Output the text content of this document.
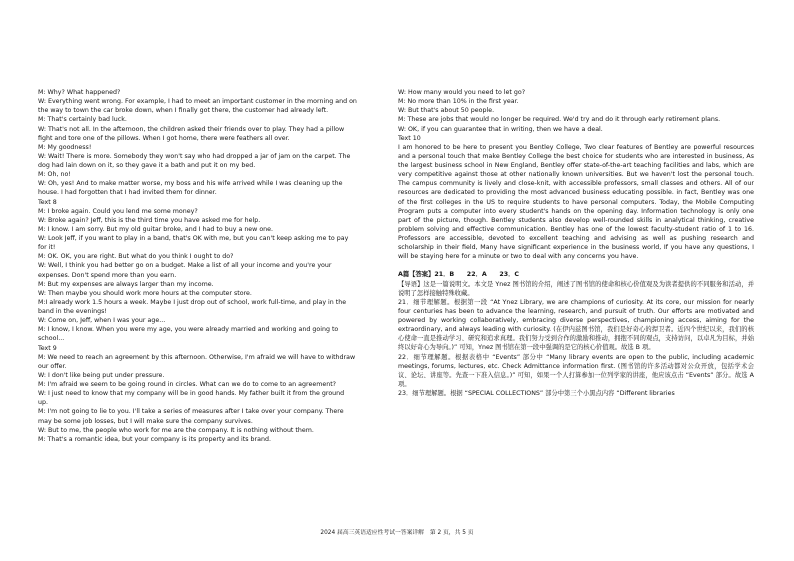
M: Why? What happened?
W: Everything went wrong. For example, I had to meet an important customer in the morning and on
the way to town the car broke down, when I finally got there, the customer had already left.
M: That's certainly bad luck.
W: That's not all. In the afternoon, the children asked their friends over to play. They had a pillow
fight and tore one of the pillows. When I got home, there were feathers all over.
M: My goodness!
W: Wait! There is more. Somebody they won't say who had dropped a jar of jam on the carpet. The
dog had lain down on it, so they gave it a bath and put it on my bed.
M: Oh, no!
W: Oh, yes! And to make matter worse, my boss and his wife arrived while I was cleaning up the
house. I had forgotten that I had invited them for dinner.
Text 8
M: I broke again. Could you lend me some money?
W: Broke again? Jeff, this is the third time you have asked me for help.
M: I know. I am sorry. But my old guitar broke, and I had to buy a new one.
W: Look Jeff, if you want to play in a band, that's OK with me, but you can't keep asking me to pay
for it!
M: OK. OK, you are right. But what do you think I ought to do?
W: Well, I think you had better go on a budget. Make a list of all your income and you're your
expenses. Don't spend more than you earn.
M: But my expenses are always larger than my income.
W: Then maybe you should work more hours at the computer store.
M:I already work 1.5 hours a week. Maybe I just drop out of school, work full-time, and play in the
band in the evenings!
W: Come on, Jeff, when I was your age...
M: I know, I know. When you were my age, you were already married and working and going to
school...
Text 9
M: We need to reach an agreement by this afternoon. Otherwise, I'm afraid we will have to withdraw
our offer.
W: I don't like being put under pressure.
M: I'm afraid we seem to be going round in circles. What can we do to come to an agreement?
W: I just need to know that my company will be in good hands. My father built it from the ground
up.
M: I'm not going to lie to you. I'll take a series of measures after I take over your company. There
may be some job losses, but I will make sure the company survives.
W: But to me, the people who work for me are the company. It is nothing without them.
M: That's a romantic idea, but your company is its property and its brand.
W: How many would you need to let go?
M: No more than 10% in the first year.
W: But that's about 50 people.
M: These are jobs that would no longer be required. We'd try and do it through early retirement plans.
W: OK, if you can guarantee that in writing, then we have a deal.
Text 10
I am honored to be here to present you Bentley College, Two clear features of Bentley are powerful resources and a personal touch that make Bentley College the best choice for students who are interested in business, As the largest business school in New England, Bentley offer state-of-the-art teaching facilities and labs, which are very competitive against those at other nationally known universities. But we haven't lost the personal touch. The campus community is lively and close-knit, with accessible professors, small classes and others. All of our resources are dedicated to providing the most advanced business educating possible. in fact, Bentley was one of the first colleges in the US to require students to have personal computers. Today, the Mobile Computing Program puts a computer into every student's hands on the opening day. Information technology is only one part of the picture, though. Bentley students also develop well-rounded skills in analytical thinking, creative problem solving and effective communication. Bentley has one of the lowest faculty-student ratio of 1 to 16. Professors are accessible, devoted to excellent teaching and advising as well as pushing research and scholarship in their field, Many have significant experience in the business world, If you have any questions, I will be staying here for a minute or two to deal with any concerns you have.
A篇【答案】21．B　　22．A　　23．C
【导语】这是一篇说明文。本文是 Ynez 图书馆的介绍，阐述了图书馆的使命和核心价值观及为读者提供的不同服务和活动，并说明了怎样接触特殊收藏。
21．细节理解题。根据第一段 “At Ynez Library, we are champions of curiosity. At its core, our mission for nearly four centuries has been to advance the learning, research, and pursuit of truth. Our efforts are motivated and powered by working collaboratively, embracing diverse perspectives, championing access, aiming for the extraordinary, and always leading with curiosity. (在伊内兹图书馆，我们是好奇心的捍卫者。近四个世纪以来，我们的核心使命一直是推动学习、研究和追求真理。我们努力受到合作的激励和推动，拥抱不同的观点，支持访问，以卓凡为目标，并始终以好奇心为导向。)” 可知，Ynez 图书馆在第一段中强调的是它的核心价值观。故选 B 项。
22．细节理解题。根据表格中 “Events” 部分中 “Many library events are open to the public, including academic meetings, forums, lectures, etc. Check Admittance information first. (图书馆的许多活动都对公众开放，包括学术会议、论坛、讲座等。先查一下准入信息。)” 可知，如果一个人打算参加一位列学家的讲座，他应该点击 “Events” 部分。故选 A 项。
23．细节理解题。根据 “SPECIAL COLLECTIONS” 部分中第三个小黑点内容 “Different libraries
2024 届高三英语适应性考试一答案详解 第 2 页，共 5 页
